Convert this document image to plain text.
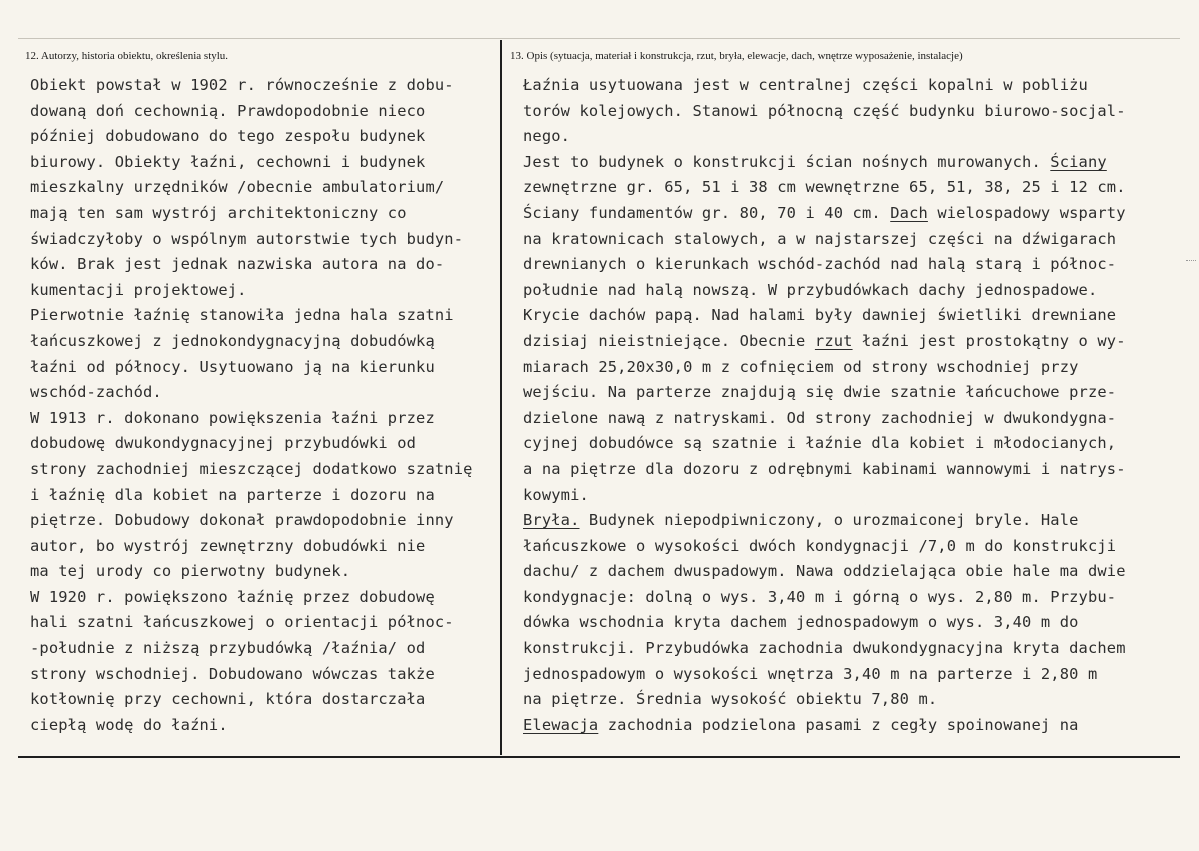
12. Autorzy, historia obiektu, określenia stylu.	13. Opis (sytuacja, materiał i konstrukcja, rzut, bryła, elewacje, dach, wnętrze wyposażenie, instalacje)
Obiekt powstał w 1902 r. równocześnie z dobu-
dowaną doń cechownią. Prawdopodobnie nieco
później dobudowano do tego zespołu budynek
biurowy. Obiekty łaźni, cechowni i budynek
mieszkalny urzędników /obecnie ambulatorium/
mają ten sam wystrój architektoniczny co
świadczyłoby o wspólnym autorstwie tych budyn-
ków. Brak jest jednak nazwiska autora na do-
kumentacji projektowej.
Pierwotnie łaźnię stanowiła jedna hala szatni
łańcuszkowej z jednokondygnacyjną dobudówką
łaźni od północy. Usytuowano ją na kierunku
wschód-zachód.
W 1913 r. dokonano powiększenia łaźni przez
dobudowę dwukondygnacyjnej przybudówki od
strony zachodniej mieszczącej dodatkowo szatnię
i łaźnię dla kobiet na parterze i dozoru na
piętrze. Dobudowy dokonał prawdopodobnie inny
autor, bo wystrój zewnętrzny dobudówki nie
ma tej urody co pierwotny budynek.
W 1920 r. powiększono łaźnię przez dobudowę
hali szatni łańcuszkowej o orientacji północ-
-południe z niższą przybudówką /łaźnia/ od
strony wschodniej. Dobudowano wówczas także
kotłownię przy cechowni, która dostarczała
ciepłą wodę do łaźni.
Łaźnia usytuowana jest w centralnej części kopalni w pobliżu
torów kolejowych. Stanowi północną część budynku biurowo-socjal-
nego.
Jest to budynek o konstrukcji ścian nośnych murowanych. Ściany
zewnętrzne gr. 65, 51 i 38 cm wewnętrzne 65, 51, 38, 25 i 12 cm.
Ściany fundamentów gr. 80, 70 i 40 cm. Dach wielospadowy wsparty
na kratownicach stalowych, a w najstarszej części na dźwigarach
drewnianych o kierunkach wschód-zachód nad halą starą i północ-
południe nad halą nowszą. W przybudówkach dachy jednospadowe.
Krycie dachów papą. Nad halami były dawniej świetliki drewniane
dzisiaj nieistniejące. Obecnie rzut łaźni jest prostokątny o wy-
miarach 25,20x30,0 m z cofnięciem od strony wschodniej przy
wejściu. Na parterze znajdują się dwie szatnie łańcuchowe prze-
dzielone nawą z natryskami. Od strony zachodniej w dwukondygna-
cyjnej dobudówce są szatnie i łaźnie dla kobiet i młodocianych,
a na piętrze dla dozoru z odrębnymi kabinami wannowymi i natrys-
kowymi.
Bryła. Budynek niepodpiwniczony, o urozmaiconej bryle. Hale
łańcuszkowe o wysokości dwóch kondygnacji /7,0 m do konstrukcji
dachu/ z dachem dwuspadowym. Nawa oddzielająca obie hale ma dwie
kondygnacje: dolną o wys. 3,40 m i górną o wys. 2,80 m. Przybu-
dówka wschodnia kryta dachem jednospadowym o wys. 3,40 m do
konstrukcji. Przybudówka zachodnia dwukondygnacyjna kryta dachem
jednospadowym o wysokości wnętrza 3,40 m na parterze i 2,80 m
na piętrze. Średnia wysokość obiektu 7,80 m.
Elewacja zachodnia podzielona pasami z cegły spoinowanej na
